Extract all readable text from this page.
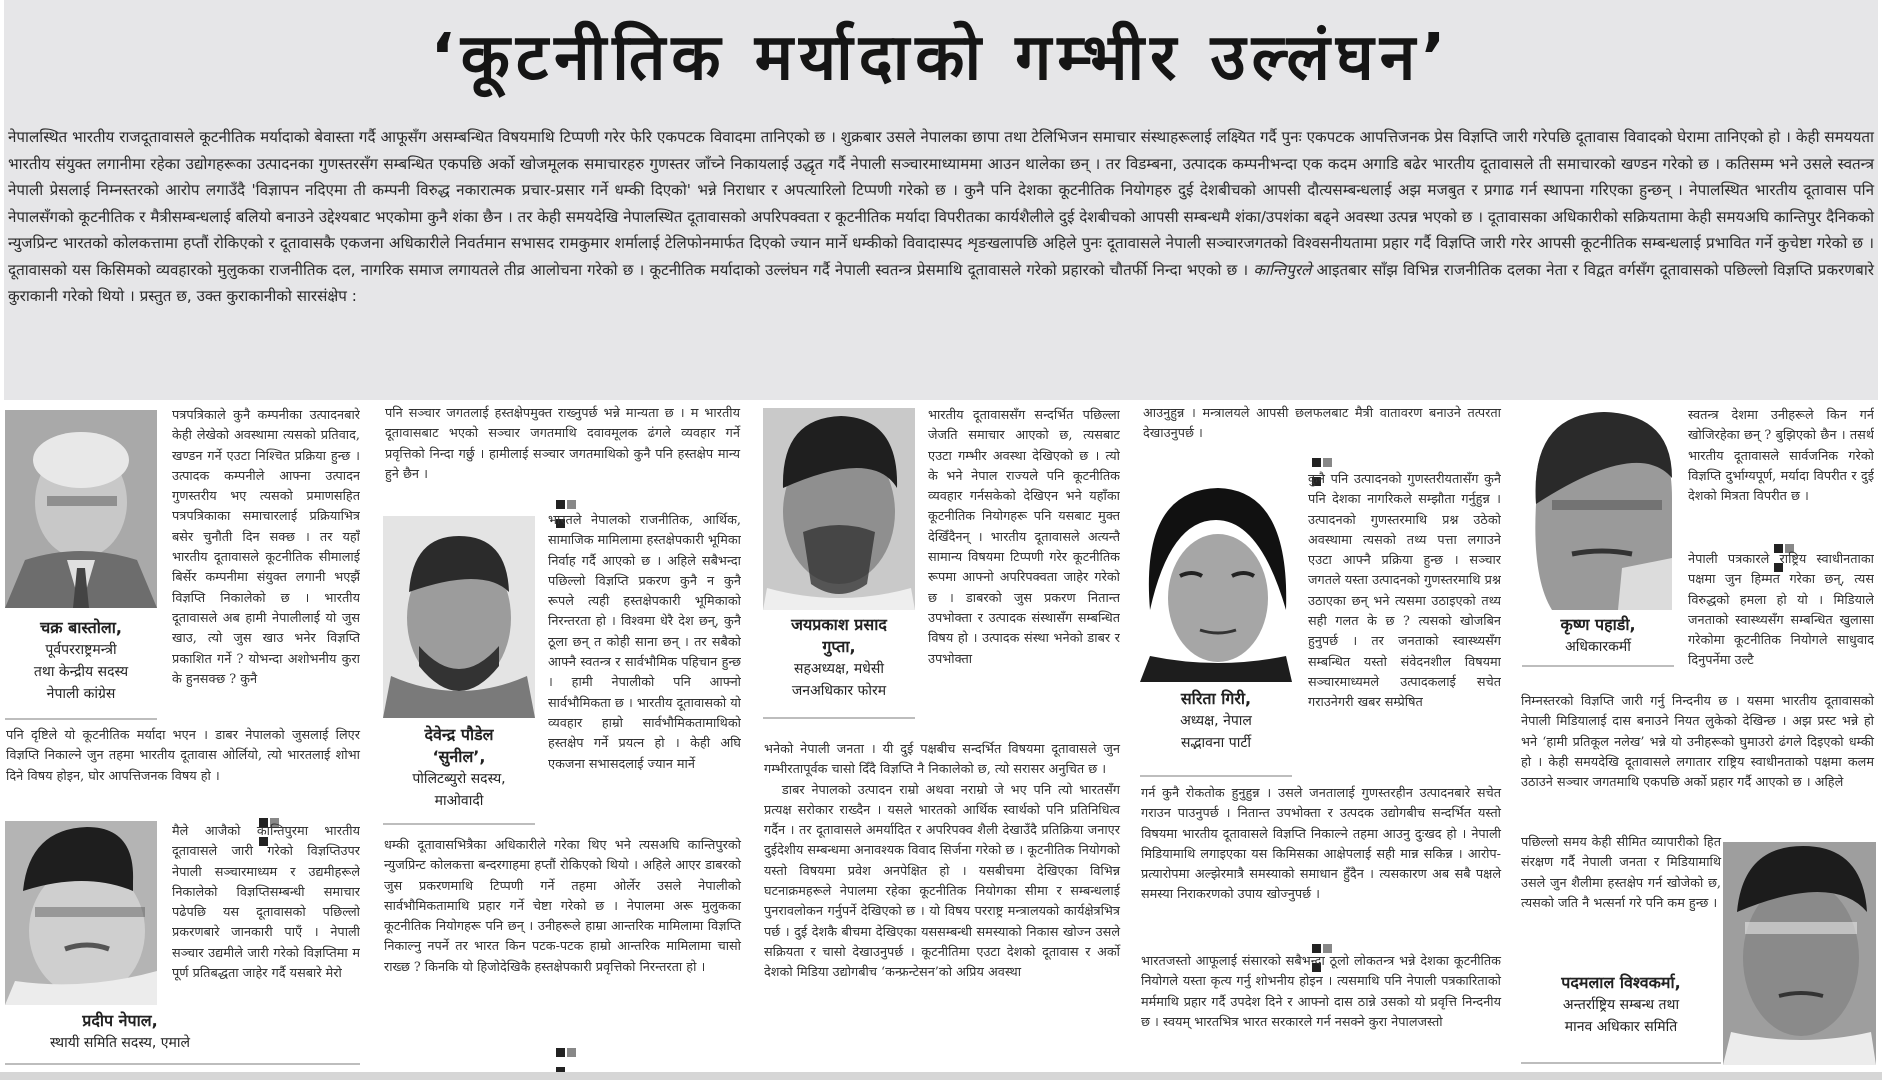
‘कूटनीतिक मर्यादाको गम्भीर उल्लंघन’
नेपालस्थित भारतीय राजदूतावासले कूटनीतिक मर्यादाको बेवास्ता गर्दै आफूसँग असम्बन्धित विषयमाथि टिप्पणी गरेर फेरि एकपटक विवादमा तानिएको छ । शुक्रबार उसले नेपालका छापा तथा टेलिभिजन समाचार संस्थाहरूलाई लक्ष्यित गर्दै पुनः एकपटक आपत्तिजनक प्रेस विज्ञप्ति जारी गरेपछि दूतावास विवादको घेरामा तानिएको हो । केही समययता भारतीय संयुक्त लगानीमा रहेका उद्योगहरूका उत्पादनका गुणस्तरसँग सम्बन्धित एकपछि अर्को खोजमूलक समाचारहरु गुणस्तर जाँच्ने निकायलाई उद्धृत गर्दै नेपाली सञ्चारमाध्याममा आउन थालेका छन् । तर विडम्बना, उत्पादक कम्पनीभन्दा एक कदम अगाडि बढेर भारतीय दूतावासले ती समाचारको खण्डन गरेको छ । कतिसम्म भने उसले स्वतन्त्र नेपाली प्रेसलाई निम्नस्तरको आरोप लगाउँदै 'विज्ञापन नदिएमा ती कम्पनी विरुद्ध नकारात्मक प्रचार-प्रसार गर्ने धम्की दिएको' भन्ने निराधार र अपत्यारिलो टिप्पणी गरेको छ । कुनै पनि देशका कूटनीतिक नियोगहरु दुई देशबीचको आपसी दौत्यसम्बन्धलाई अझ मजबुत र प्रगाढ गर्न स्थापना गरिएका हुन्छन् । नेपालस्थित भारतीय दूतावास पनि नेपालसँगको कूटनीतिक र मैत्रीसम्बन्धलाई बलियो बनाउने उद्देश्यबाट भएकोमा कुनै शंका छैन । तर केही समयदेखि नेपालस्थित दूतावासको अपरिपक्वता र कूटनीतिक मर्यादा विपरीतका कार्यशैलीले दुई देशबीचको आपसी सम्बन्धमै शंका/उपशंका बढ्ने अवस्था उत्पन्न भएको छ । दूतावासका अधिकारीको सक्रियतामा केही समयअघि कान्तिपुर दैनिकको न्युजप्रिन्ट भारतको कोलकत्तामा हप्तौं रोकिएको र दूतावासकै एकजना अधिकारीले निवर्तमान सभासद रामकुमार शर्मालाई टेलिफोनमार्फत दिएको ज्यान मार्ने धम्कीको विवादास्पद शृङखलापछि अहिले पुनः दूतावासले नेपाली सञ्चारजगतको विश्वसनीयतामा प्रहार गर्दै विज्ञप्ति जारी गरेर आपसी कूटनीतिक सम्बन्धलाई प्रभावित गर्ने कुचेष्टा गरेको छ । दूतावासको यस किसिमको व्यवहारको मुलुकका राजनीतिक दल, नागरिक समाज लगायतले तीव्र आलोचना गरेको छ । कूटनीतिक मर्यादाको उल्लंघन गर्दै नेपाली स्वतन्त्र प्रेसमाथि दूतावासले गरेको प्रहारको चौतर्फी निन्दा भएको छ । कान्तिपुरले आइतबार साँझ विभिन्न राजनीतिक दलका नेता र विद्वत वर्गसँग दूतावासको पछिल्लो विज्ञप्ति प्रकरणबारे कुराकानी गरेको थियो । प्रस्तुत छ, उक्त कुराकानीको सारसंक्षेप :
चक्र बास्तोला,
पूर्वपरराष्ट्रमन्त्री
तथा केन्द्रीय सदस्य
नेपाली कांग्रेस

पत्रपत्रिकाले कुनै कम्पनीका उत्पादनबारे केही लेखेको अवस्थामा त्यसको प्रतिवाद, खण्डन गर्ने एउटा निश्चित प्रक्रिया हुन्छ । उत्पादक कम्पनीले आफ्ना उत्पादन गुणस्तरीय भए त्यसको प्रमाणसहित पत्रपत्रिकाका समाचारलाई प्रक्रियाभित्र बसेर चुनौती दिन सक्छ । तर यहाँ भारतीय दूतावासले कूटनीतिक सीमालाई बिर्सेर कम्पनीमा संयुक्त लगानी भएझैं विज्ञप्ति निकालेको छ । भारतीय दूतावासले अब हामी नेपालीलाई यो जुस खाउ, त्यो जुस खाउ भनेर विज्ञप्ति प्रकाशित गर्ने ? योभन्दा अशोभनीय कुरा के हुनसक्छ ? कुनै

पनि दृष्टिले यो कूटनीतिक मर्यादा भएन । डाबर नेपालको जुसलाई लिएर विज्ञप्ति निकाल्ने जुन तहमा भारतीय दूतावास ओर्लियो, त्यो भारतलाई शोभा दिने विषय होइन, घोर आपत्तिजनक विषय हो ।

प्रदीप नेपाल,
स्थायी समिति सदस्य, एमाले

मैले आजैको कान्तिपुरमा भारतीय दूतावासले जारी गरेको विज्ञप्तिउपर नेपाली सञ्चारमाध्यम र उद्यमीहरूले निकालेको विज्ञप्तिसम्बन्धी समाचार पढेपछि यस दूतावासको पछिल्लो प्रकरणबारे जानकारी पाएँ । नेपाली सञ्चार उद्यमीले जारी गरेको विज्ञप्तिमा म पूर्ण प्रतिबद्धता जाहेर गर्दै यसबारे मेरो

पनि सञ्चार जगतलाई हस्तक्षेपमुक्त राख्नुपर्छ भन्ने मान्यता छ । म भारतीय दूतावासबाट भएको सञ्चार जगतमाथि दवावमूलक ढंगले व्यवहार गर्ने प्रवृत्तिको निन्दा गर्छु । हामीलाई सञ्चार जगतमाथिको कुनै पनि हस्तक्षेप मान्य हुने छैन ।

देवेन्द्र पौडेल
‘सुनील’,
पोलिटब्युरो सदस्य,
माओवादी

भारतले नेपालको राजनीतिक, आर्थिक, सामाजिक मामिलामा हस्तक्षेपकारी भूमिका निर्वाह गर्दै आएको छ । अहिले सबैभन्दा पछिल्लो विज्ञप्ति प्रकरण कुनै न कुनै रूपले त्यही हस्तक्षेपकारी भूमिकाको निरन्तरता हो । विश्वमा धेरै देश छन्, कुनै ठूला छन् त कोही साना छन् । तर सबैको आफ्नै स्वतन्त्र र सार्वभौमिक पहिचान हुन्छ । हामी नेपालीको पनि आफ्नो सार्वभौमिकता छ । भारतीय दूतावासको यो व्यवहार हाम्रो सार्वभौमिकतामाथिको हस्तक्षेप गर्ने प्रयत्न हो । केही अघि एकजना सभासदलाई ज्यान मार्ने

धम्की दूतावासभित्रैका अधिकारीले गरेका थिए भने त्यसअघि कान्तिपुरको न्युजप्रिन्ट कोलकत्ता बन्दरगाहमा हप्तौं रोकिएको थियो । अहिले आएर डाबरको जुस प्रकरणमाथि टिप्पणी गर्ने तहमा ओर्लेर उसले नेपालीको सार्वभौमिकतामाथि प्रहार गर्ने चेष्टा गरेको छ । नेपालमा अरू मुलुकका कूटनीतिक नियोगहरू पनि छन् । उनीहरूले हाम्रा आन्तरिक मामिलामा विज्ञप्ति निकाल्नु नपर्ने तर भारत किन पटक-पटक हाम्रो आन्तरिक मामिलामा चासो राख्छ ? किनकि यो हिजोदेखिकै हस्तक्षेपकारी प्रवृत्तिको निरन्तरता हो ।

जयप्रकाश प्रसाद
गुप्ता,
सहअध्यक्ष, मधेसी
जनअधिकार फोरम

भारतीय दूतावाससँग सन्दर्भित पछिल्ला जेजति समाचार आएको छ, त्यसबाट एउटा गम्भीर अवस्था देखिएको छ । त्यो के भने नेपाल राज्यले पनि कूटनीतिक व्यवहार गर्नसकेको देखिएन भने यहाँका कूटनीतिक नियोगहरू पनि यसबाट मुक्त देखिँदैनन् । भारतीय दूतावासले अत्यन्तै सामान्य विषयमा टिप्पणी गरेर कूटनीतिक रूपमा आफ्नो अपरिपक्वता जाहेर गरेको छ । डाबरको जुस प्रकरण नितान्त उपभोक्ता र उत्पादक संस्थासँग सम्बन्धित विषय हो । उत्पादक संस्था भनेको डाबर र उपभोक्ता

भनेको नेपाली जनता । यी दुई पक्षबीच सन्दर्भित विषयमा दूतावासले जुन गम्भीरतापूर्वक चासो दिँदै विज्ञप्ति नै निकालेको छ, त्यो सरासर अनुचित छ ।

डाबर नेपालको उत्पादन राम्रो अथवा नराम्रो जे भए पनि त्यो भारतसँग प्रत्यक्ष सरोकार राख्दैन । यसले भारतको आर्थिक स्वार्थको पनि प्रतिनिधित्व गर्दैन । तर दूतावासले अमर्यादित र अपरिपक्व शैली देखाउँदै प्रतिक्रिया जनाएर दुईदेशीय सम्बन्धमा अनावश्यक विवाद सिर्जना गरेको छ । कूटनीतिक नियोगको यस्तो विषयमा प्रवेश अनपेक्षित हो । यसबीचमा देखिएका विभिन्न घटनाक्रमहरूले नेपालमा रहेका कूटनीतिक नियोगका सीमा र सम्बन्धलाई पुनरावलोकन गर्नुपर्ने देखिएको छ । यो विषय परराष्ट्र मन्त्रालयको कार्यक्षेत्रभित्र पर्छ । दुई देशकै बीचमा देखिएका यससम्बन्धी समस्याको निकास खोज्न उसले सक्रियता र चासो देखाउनुपर्छ । कूटनीतिमा एउटा देशको दूतावास र अर्को देशको मिडिया उद्योगबीच ‘कन्फ्रन्टेसन’को अप्रिय अवस्था

आउनुहुन्न । मन्त्रालयले आपसी छलफलबाट मैत्री वातावरण बनाउने तत्परता देखाउनुपर्छ ।

सरिता गिरी,
अध्यक्ष, नेपाल
सद्भावना पार्टी

कुनै पनि उत्पादनको गुणस्तरीयतासँग कुनै पनि देशका नागरिकले सम्झौता गर्नुहुन्न । उत्पादनको गुणस्तरमाथि प्रश्न उठेको अवस्थामा त्यसको तथ्य पत्ता लगाउने एउटा आफ्नै प्रक्रिया हुन्छ । सञ्चार जगतले यस्ता उत्पादनको गुणस्तरमाथि प्रश्न उठाएका छन् भने त्यसमा उठाइएको तथ्य सही गलत के छ ? त्यसको खोजबिन हुनुपर्छ । तर जनताको स्वास्थ्यसँग सम्बन्धित यस्तो संवेदनशील विषयमा सञ्चारमाध्यमले उत्पादकलाई सचेत गराउनेगरी खबर सम्प्रेषित

गर्न कुनै रोकतोक हुनुहुन्न । उसले जनतालाई गुणस्तरहीन उत्पादनबारे सचेत गराउन पाउनुपर्छ । नितान्त उपभोक्ता र उत्पदक उद्योगबीच सन्दर्भित यस्तो विषयमा भारतीय दूतावासले विज्ञप्ति निकाल्ने तहमा आउनु दुःखद हो । नेपाली मिडियामाथि लगाइएका यस किमिसका आक्षेपलाई सही मान्न सकिन्न । आरोप-प्रत्यारोपमा अल्झेरमात्रै समस्याको समाधान हुँदैन । त्यसकारण अब सबै पक्षले समस्या निराकरणको उपाय खोज्नुपर्छ ।

भारतजस्तो आफूलाई संसारको सबैभन्दा ठूलो लोकतन्त्र भन्ने देशका कूटनीतिक नियोगले यस्ता कृत्य गर्नु शोभनीय होइन । त्यसमाथि पनि नेपाली पत्रकारिताको मर्ममाथि प्रहार गर्दै उपदेश दिने र आफ्नो दास ठान्ने उसको यो प्रवृत्ति निन्दनीय छ । स्वयम् भारतभित्र भारत सरकारले गर्न नसक्ने कुरा नेपालजस्तो

कृष्ण पहाडी,
अधिकारकर्मी

स्वतन्त्र देशमा उनीहरूले किन गर्न खोजिरहेका छन् ? बुझिएको छैन । तसर्थ भारतीय दूतावासले सार्वजनिक गरेको विज्ञप्ति दुर्भाग्यपूर्ण, मर्यादा विपरीत र दुई देशको मित्रता विपरीत छ ।

नेपाली पत्रकारले राष्ट्रिय स्वाधीनताका पक्षमा जुन हिम्मत गरेका छन्, त्यस विरुद्धको हमला हो यो । मिडियाले जनताको स्वास्थ्यसँग सम्बन्धित खुलासा गरेकोमा कूटनीतिक नियोगले साधुवाद दिनुपर्नेमा उल्टै

निम्नस्तरको विज्ञप्ति जारी गर्नु निन्दनीय छ । यसमा भारतीय दूतावासको नेपाली मिडियालाई दास बनाउने नियत लुकेको देखिन्छ । अझ प्रस्ट भन्ने हो भने ‘हामी प्रतिकूल नलेख’ भन्ने यो उनीहरूको घुमाउरो ढंगले दिइएको धम्की हो । केही समयदेखि दूतावासले लगातार राष्ट्रिय स्वाधीनताको पक्षमा कलम उठाउने सञ्चार जगतमाथि एकपछि अर्को प्रहार गर्दै आएको छ । अहिले

पछिल्लो समय केही सीमित व्यापारीको हित संरक्षण गर्दै नेपाली जनता र मिडियामाथि उसले जुन शैलीमा हस्तक्षेप गर्न खोजेको छ, त्यसको जति नै भत्सर्ना गरे पनि कम हुन्छ ।

पदमलाल विश्वकर्मा,
अन्तर्राष्ट्रिय सम्बन्ध तथा
मानव अधिकार समिति
